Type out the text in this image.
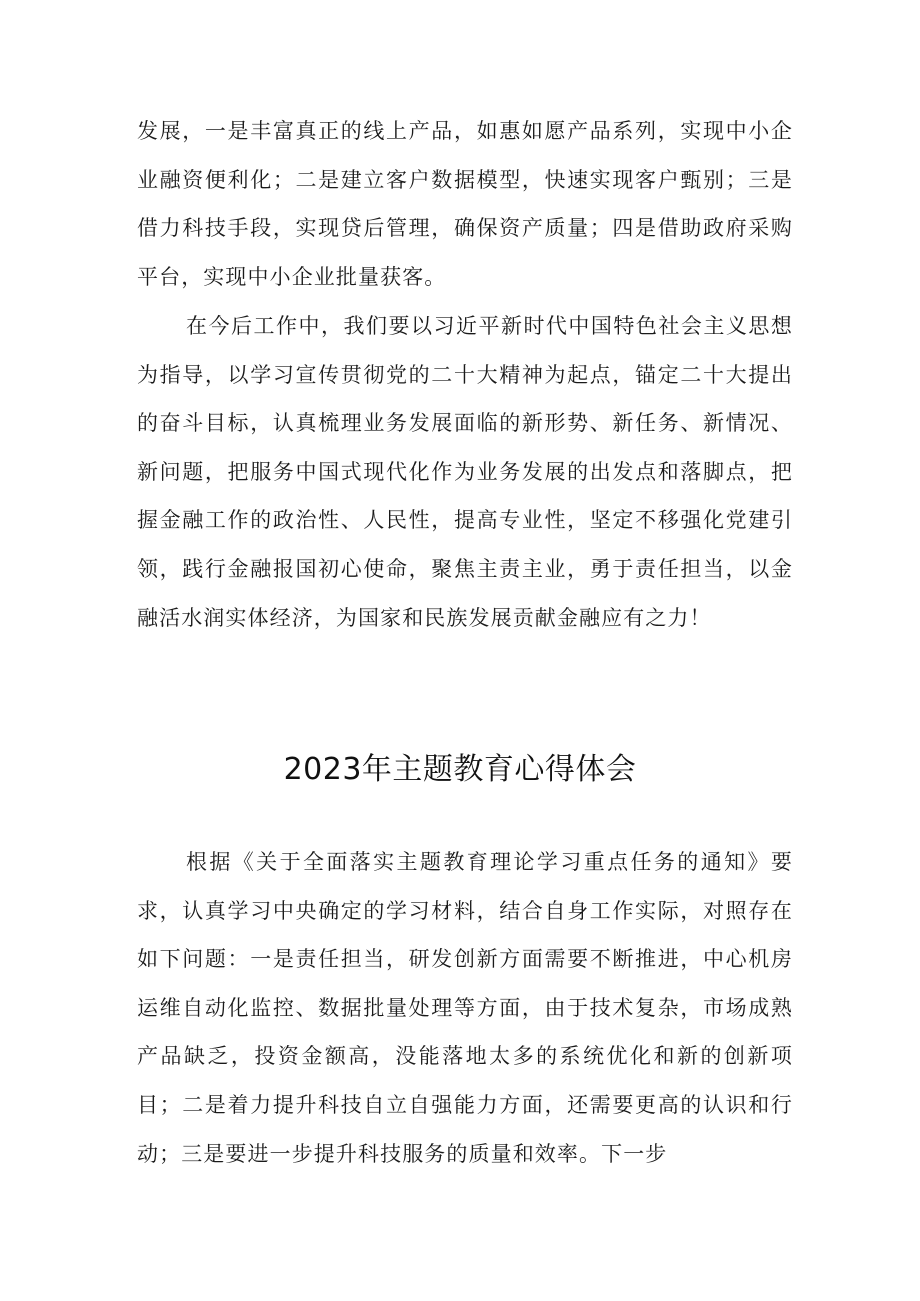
发展，一是丰富真正的线上产品，如惠如愿产品系列，实现中小企业融资便利化；二是建立客户数据模型，快速实现客户甄别；三是借力科技手段，实现贷后管理，确保资产质量；四是借助政府采购平台，实现中小企业批量获客。

在今后工作中，我们要以习近平新时代中国特色社会主义思想为指导，以学习宣传贯彻党的二十大精神为起点，锚定二十大提出的奋斗目标，认真梳理业务发展面临的新形势、新任务、新情况、新问题，把服务中国式现代化作为业务发展的出发点和落脚点，把握金融工作的政治性、人民性，提高专业性，坚定不移强化党建引领，践行金融报国初心使命，聚焦主责主业，勇于责任担当，以金融活水润实体经济，为国家和民族发展贡献金融应有之力！

2023年主题教育心得体会

根据《关于全面落实主题教育理论学习重点任务的通知》要求，认真学习中央确定的学习材料，结合自身工作实际，对照存在如下问题：一是责任担当，研发创新方面需要不断推进，中心机房运维自动化监控、数据批量处理等方面，由于技术复杂，市场成熟产品缺乏，投资金额高，没能落地太多的系统优化和新的创新项目；二是着力提升科技自立自强能力方面，还需要更高的认识和行动；三是要进一步提升科技服务的质量和效率。下一步
